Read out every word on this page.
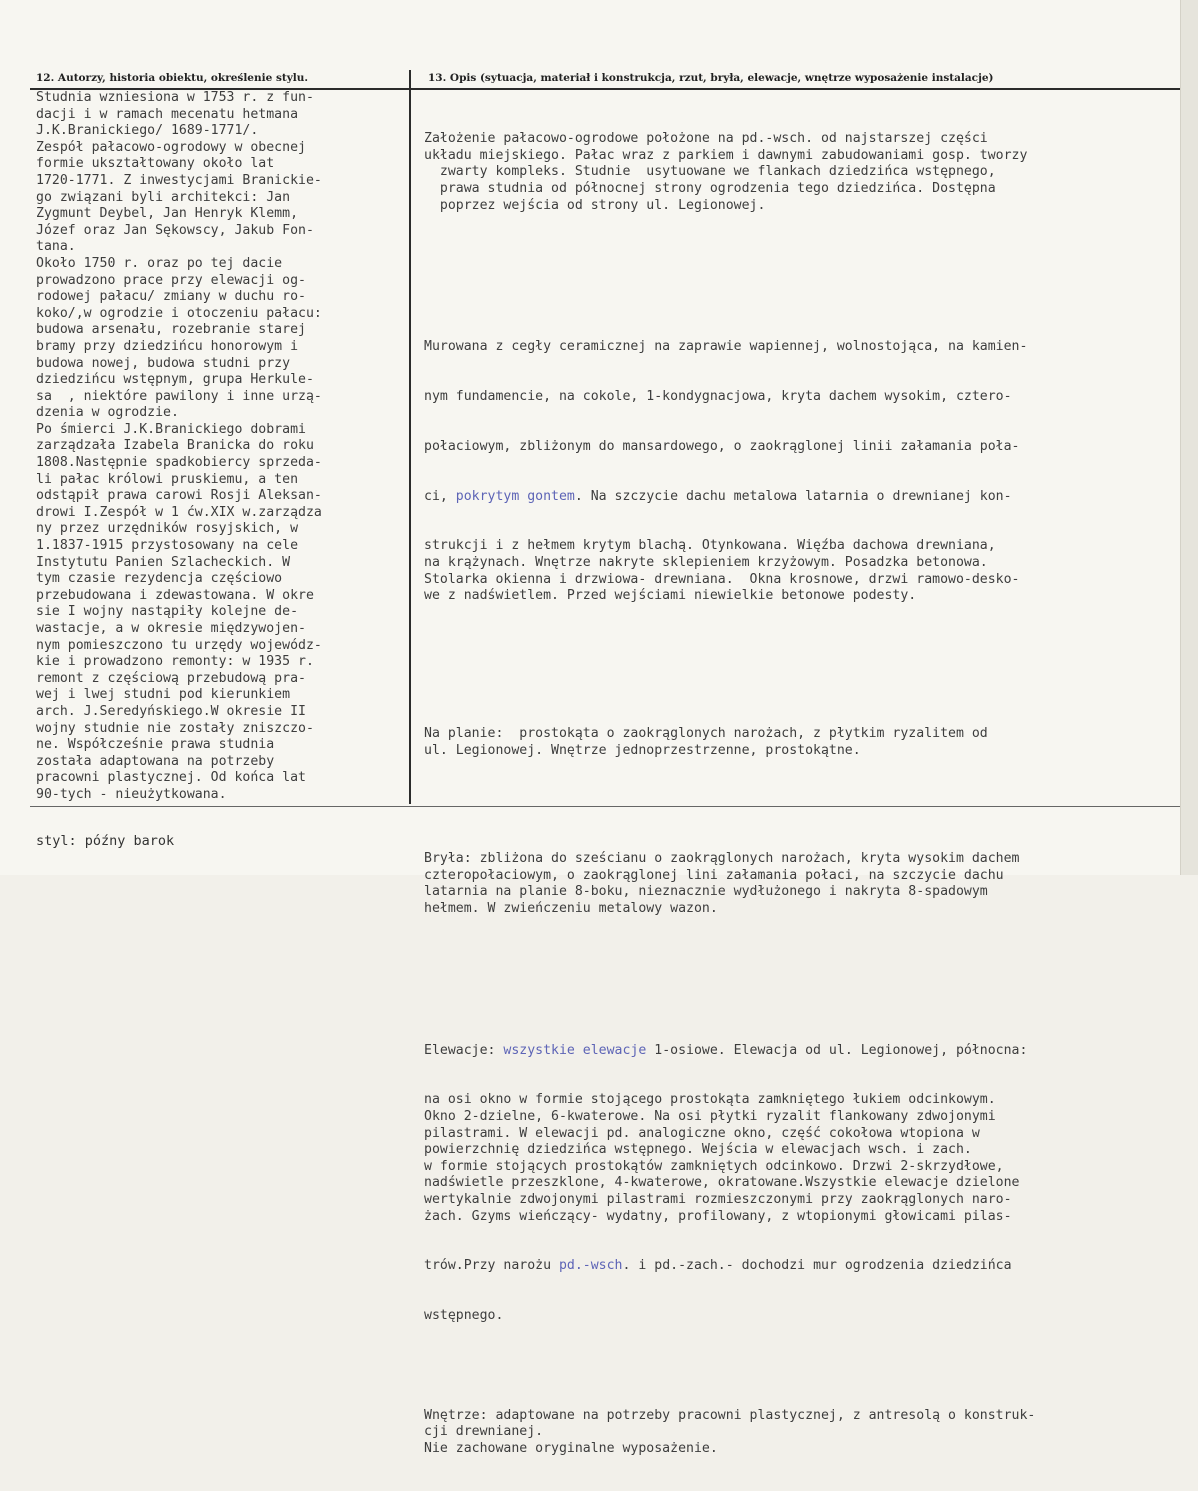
12. Autorzy, historia obiektu, określenie stylu.	13. Opis (sytuacja, materiał i konstrukcja, rzut, bryła, elewacje, wnętrze wyposażenie instalacje)
Studnia wzniesiona w 1753 r. z fun-
dacji i w ramach mecenatu hetmana
J.K.Branickiego/ 1689-1771/.
Zespół pałacowo-ogrodowy w obecnej
formie ukształtowany około lat
1720-1771. Z inwestycjami Branickie-
go związani byli architekci: Jan
Zygmunt Deybel, Jan Henryk Klemm,
Józef oraz Jan Sękowscy, Jakub Fon-
tana.
Około 1750 r. oraz po tej dacie
prowadzono prace przy elewacji og-
rodowej pałacu/ zmiany w duchu ro-
koko/,w ogrodzie i otoczeniu pałacu:
budowa arsenału, rozebranie starej
bramy przy dziedzińcu honorowym i
budowa nowej, budowa studni przy
dziedzińcu wstępnym, grupa Herkule-
sa  , niektóre pawilony i inne urzą-
dzenia w ogrodzie.
Po śmierci J.K.Branickiego dobrami
zarządzała Izabela Branicka do roku
1808.Następnie spadkobiercy sprzeda-
li pałac królowi pruskiemu, a ten
odstąpił prawa carowi Rosji Aleksan-
drowi I.Zespół w 1 ćw.XIX w.zarządza
ny przez urzędników rosyjskich, w
1.1837-1915 przystosowany na cele
Instytutu Panien Szlacheckich. W
tym czasie rezydencja częściowo
przebudowana i zdewastowana. W okre
sie I wojny nastąpiły kolejne de-
wastacje, a w okresie międzywojen-
nym pomieszczono tu urzędy wojewódz-
kie i prowadzono remonty: w 1935 r.
remont z częściową przebudową pra-
wej i lwej studni pod kierunkiem
arch. J.Seredyńskiego.W okresie II
wojny studnie nie zostały zniszczo-
ne. Współcześnie prawa studnia
została adaptowana na potrzeby
pracowni plastycznej. Od końca lat
90-tych - nieużytkowana.

Założenie pałacowo-ogrodowe położone na pd.-wsch. od najstarszej części
układu miejskiego. Pałac wraz z parkiem i dawnymi zabudowaniami gosp. tworzy
zwarty kompleks. Studnie  usytuowane we flankach dziedzińca wstępnego,
prawa studnia od północnej strony ogrodzenia tego dziedzińca. Dostępna
poprzez wejścia od strony ul. Legionowej.

Murowana z cegły ceramicznej na zaprawie wapiennej, wolnostojąca, na kamien-

nym fundamencie, na cokole, 1-kondygnacjowa, kryta dachem wysokim, cztero-

połaciowym, zbliżonym do mansardowego, o zaokrąglonej linii załamania poła-

ci, pokrytym gontem. Na szczycie dachu metalowa latarnia o drewnianej kon-

strukcji i z hełmem krytym blachą. Otynkowana. Więźba dachowa drewniana,
na krążynach. Wnętrze nakryte sklepieniem krzyżowym. Posadzka betonowa.
Stolarka okienna i drzwiowa- drewniana.  Okna krosnowe, drzwi ramowo-desko-
we z nadświetlem. Przed wejściami niewielkie betonowe podesty.

Na planie:  prostokąta o zaokrąglonych narożach, z płytkim ryzalitem od
ul. Legionowej. Wnętrze jednoprzestrzenne, prostokątne.

Bryła: zbliżona do sześcianu o zaokrąglonych narożach, kryta wysokim dachem
czteropołaciowym, o zaokrąglonej lini załamania połaci, na szczycie dachu
latarnia na planie 8-boku, nieznacznie wydłużonego i nakryta 8-spadowym
hełmem. W zwieńczeniu metalowy wazon.

Elewacje: wszystkie elewacje 1-osiowe. Elewacja od ul. Legionowej, północna:

na osi okno w formie stojącego prostokąta zamkniętego łukiem odcinkowym.
Okno 2-dzielne, 6-kwaterowe. Na osi płytki ryzalit flankowany zdwojonymi
pilastrami. W elewacji pd. analogiczne okno, część cokołowa wtopiona w
powierzchnię dziedzińca wstępnego. Wejścia w elewacjach wsch. i zach.
w formie stojących prostokątów zamkniętych odcinkowo. Drzwi 2-skrzydłowe,
nadświetle przeszklone, 4-kwaterowe, okratowane.Wszystkie elewacje dzielone
wertykalnie zdwojonymi pilastrami rozmieszczonymi przy zaokrąglonych naro-
żach. Gzyms wieńczący- wydatny, profilowany, z wtopionymi głowicami pilas-

trów.Przy narożu pd.-wsch. i pd.-zach.- dochodzi mur ogrodzenia dziedzińca

wstępnego.

Wnętrze: adaptowane na potrzeby pracowni plastycznej, z antresolą o konstruk-
cji drewnianej.
Nie zachowane oryginalne wyposażenie.

styl: późny barok
